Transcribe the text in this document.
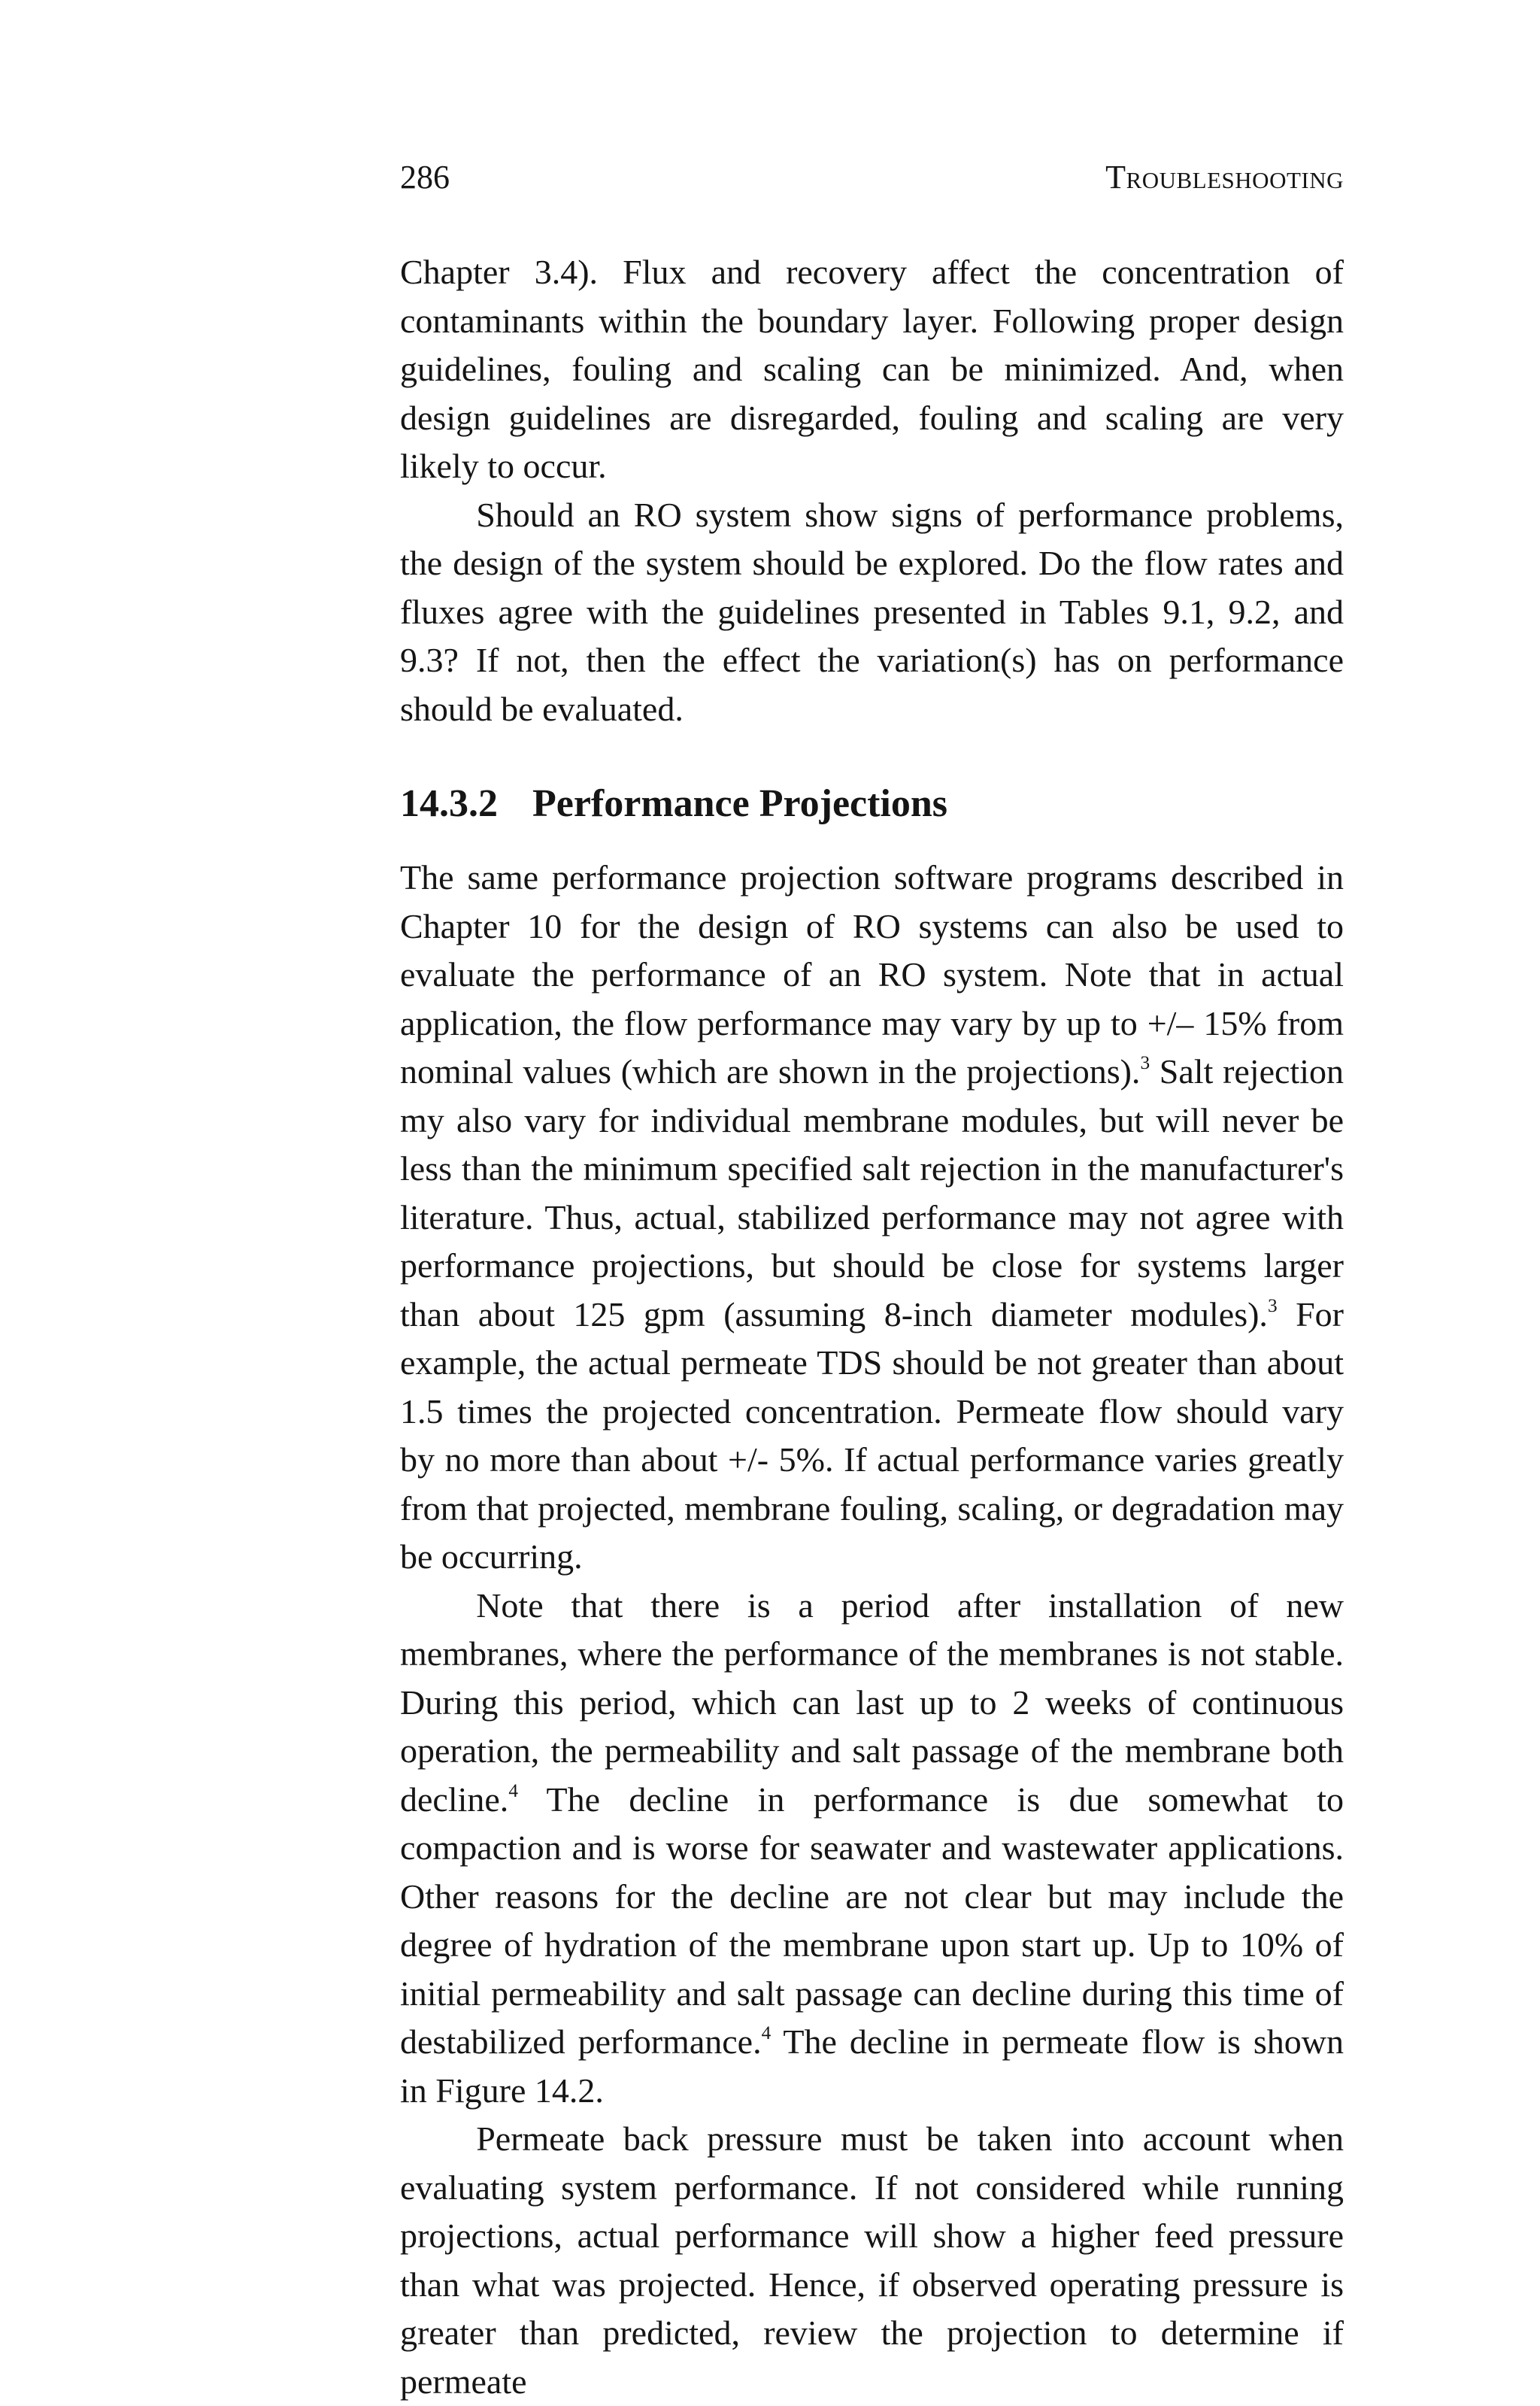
286	Troubleshooting

Chapter 3.4). Flux and recovery affect the concentration of contaminants within the boundary layer. Following proper design guidelines, fouling and scaling can be minimized. And, when design guidelines are disregarded, fouling and scaling are very likely to occur.

Should an RO system show signs of performance problems, the design of the system should be explored. Do the flow rates and fluxes agree with the guidelines presented in Tables 9.1, 9.2, and 9.3? If not, then the effect the variation(s) has on performance should be evaluated.

14.3.2 Performance Projections

The same performance projection software programs described in Chapter 10 for the design of RO systems can also be used to evaluate the performance of an RO system. Note that in actual application, the flow performance may vary by up to +/– 15% from nominal values (which are shown in the projections).$^3$ Salt rejection my also vary for individual membrane modules, but will never be less than the minimum specified salt rejection in the manufacturer's literature. Thus, actual, stabilized performance may not agree with performance projections, but should be close for systems larger than about 125 gpm (assuming 8-inch diameter modules).$^3$ For example, the actual permeate TDS should be not greater than about 1.5 times the projected concentration. Permeate flow should vary by no more than about +/- 5%. If actual performance varies greatly from that projected, membrane fouling, scaling, or degradation may be occurring.

Note that there is a period after installation of new membranes, where the performance of the membranes is not stable. During this period, which can last up to 2 weeks of continuous operation, the permeability and salt passage of the membrane both decline.$^4$ The decline in performance is due somewhat to compaction and is worse for seawater and wastewater applications. Other reasons for the decline are not clear but may include the degree of hydration of the membrane upon start up. Up to 10% of initial permeability and salt passage can decline during this time of destabilized performance.$^4$ The decline in permeate flow is shown in Figure 14.2.

Permeate back pressure must be taken into account when evaluating system performance. If not considered while running projections, actual performance will show a higher feed pressure than what was projected. Hence, if observed operating pressure is greater than predicted, review the projection to determine if permeate
